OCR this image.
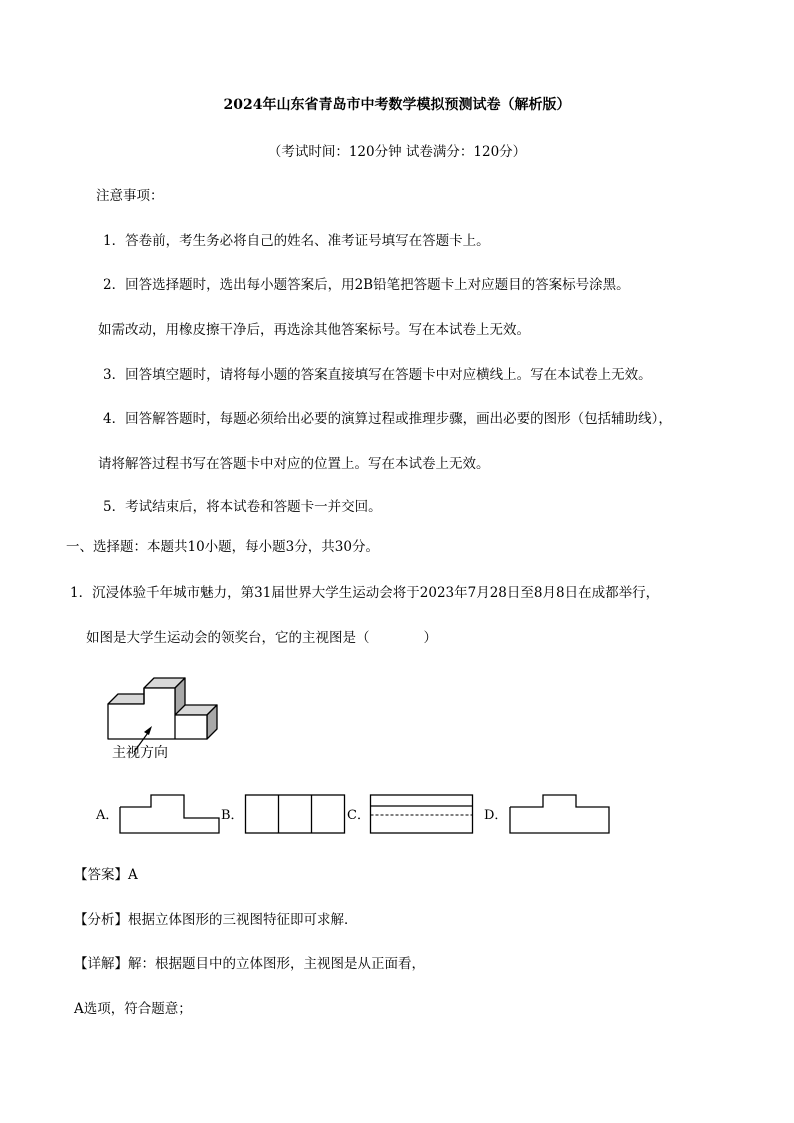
2024年山东省青岛市中考数学模拟预测试卷（解析版）
（考试时间：120分钟 试卷满分：120分）
注意事项：
1．答卷前，考生务必将自己的姓名、准考证号填写在答题卡上。
2．回答选择题时，选出每小题答案后，用2B铅笔把答题卡上对应题目的答案标号涂黑。
如需改动，用橡皮擦干净后，再选涂其他答案标号。写在本试卷上无效。
3．回答填空题时，请将每小题的答案直接填写在答题卡中对应横线上。写在本试卷上无效。
4．回答解答题时，每题必须给出必要的演算过程或推理步骤，画出必要的图形（包括辅助线），
请将解答过程书写在答题卡中对应的位置上。写在本试卷上无效。
5．考试结束后，将本试卷和答题卡一并交回。
一、选择题：本题共10小题，每小题3分，共30分。
1．沉浸体验千年城市魅力，第31届世界大学生运动会将于2023年7月28日至8月8日在成都举行，
如图是大学生运动会的领奖台，它的主视图是（　　　　）
主视方向
A．	B．	C．	D．
【答案】A
【分析】根据立体图形的三视图特征即可求解．
【详解】解：根据题目中的立体图形，主视图是从正面看，
A选项，符合题意；
